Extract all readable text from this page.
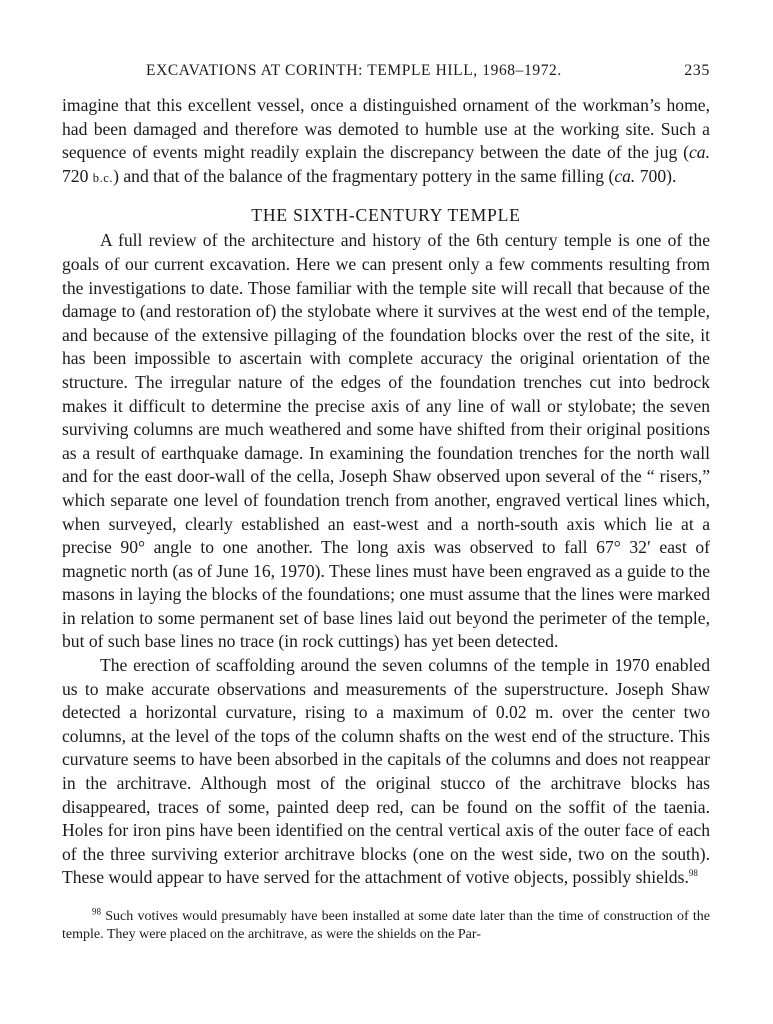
EXCAVATIONS AT CORINTH: TEMPLE HILL, 1968–1972.	235

imagine that this excellent vessel, once a distinguished ornament of the workman’s home, had been damaged and therefore was demoted to humble use at the working site. Such a sequence of events might readily explain the discrepancy between the date of the jug (ca. 720 b.c.) and that of the balance of the fragmentary pottery in the same filling (ca. 700).

THE SIXTH-CENTURY TEMPLE

A full review of the architecture and history of the 6th century temple is one of the goals of our current excavation. Here we can present only a few comments resulting from the investigations to date. Those familiar with the temple site will recall that because of the damage to (and restoration of) the stylobate where it survives at the west end of the temple, and because of the extensive pillaging of the foundation blocks over the rest of the site, it has been impossible to ascertain with complete accuracy the original orientation of the structure. The irregular nature of the edges of the foundation trenches cut into bedrock makes it difficult to determine the precise axis of any line of wall or stylobate; the seven surviving columns are much weathered and some have shifted from their original positions as a result of earthquake damage. In examining the foundation trenches for the north wall and for the east door-wall of the cella, Joseph Shaw observed upon several of the “ risers,” which separate one level of foundation trench from another, engraved vertical lines which, when surveyed, clearly established an east-west and a north-south axis which lie at a precise 90° angle to one another. The long axis was observed to fall 67° 32′ east of magnetic north (as of June 16, 1970). These lines must have been engraved as a guide to the masons in laying the blocks of the foundations; one must assume that the lines were marked in relation to some permanent set of base lines laid out beyond the perimeter of the temple, but of such base lines no trace (in rock cuttings) has yet been detected.

The erection of scaffolding around the seven columns of the temple in 1970 enabled us to make accurate observations and measurements of the superstructure. Joseph Shaw detected a horizontal curvature, rising to a maximum of 0.02 m. over the center two columns, at the level of the tops of the column shafts on the west end of the structure. This curvature seems to have been absorbed in the capitals of the columns and does not reappear in the architrave. Although most of the original stucco of the architrave blocks has disappeared, traces of some, painted deep red, can be found on the soffit of the taenia. Holes for iron pins have been identified on the central vertical axis of the outer face of each of the three surviving exterior architrave blocks (one on the west side, two on the south). These would appear to have served for the attachment of votive objects, possibly shields.$^{98}$

$^{98}$ Such votives would presumably have been installed at some date later than the time of construction of the temple. They were placed on the architrave, as were the shields on the Par-
